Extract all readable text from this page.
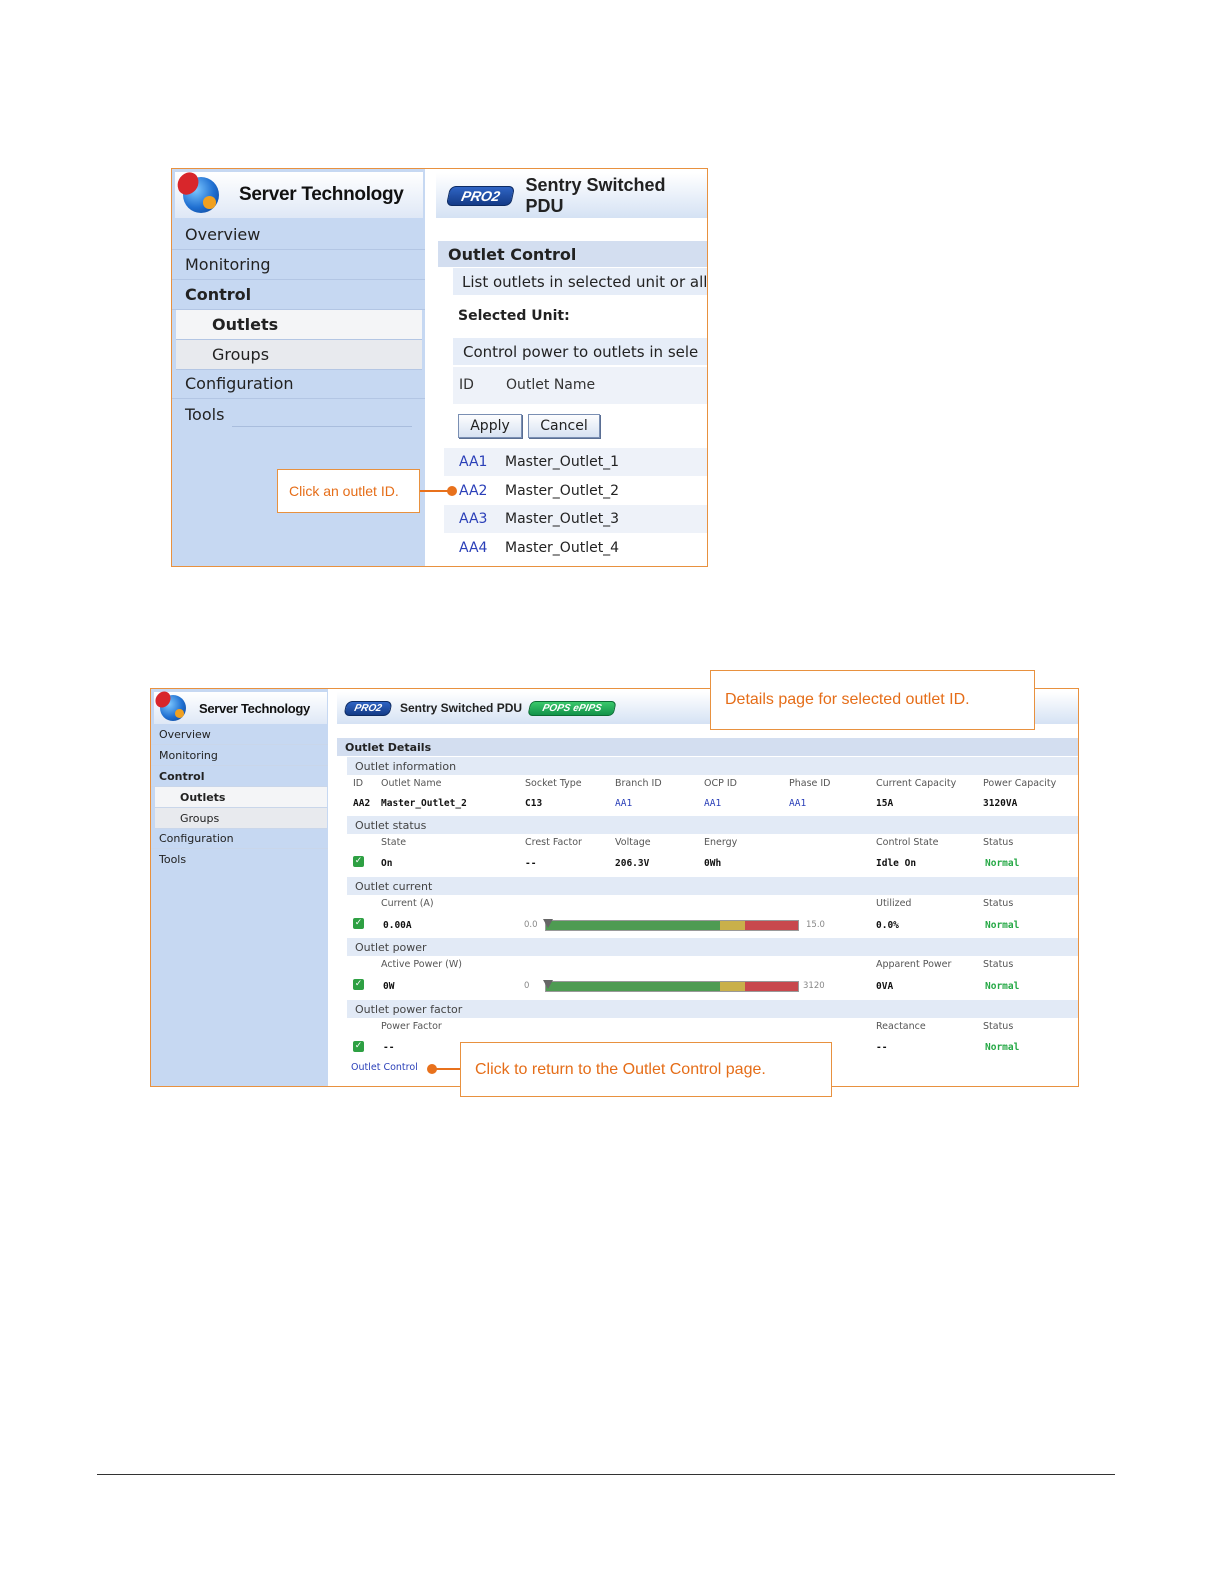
Server Technology
Overview
Monitoring
Control
Outlets
Groups
Configuration
Tools
PRO2
Sentry Switched PDU
Outlet Control
List outlets in selected unit or all
Selected Unit:
Control power to outlets in sele
ID Outlet Name
Apply	Cancel
AA1 Master_Outlet_1
AA2 Master_Outlet_2
AA3 Master_Outlet_3
AA4 Master_Outlet_4
Click an outlet ID.
Server Technology
Overview
Monitoring
Control
Outlets
Groups
Configuration
Tools
PRO2	Sentry Switched PDU	POPS ePIPS
Outlet Details
Outlet information
ID Outlet Name	Socket Type	Branch ID	OCP ID	Phase ID	Current Capacity	Power Capacity
AA2 Master_Outlet_2	C13	AA1	AA1	AA1	15A	3120VA
Outlet status
State	Crest Factor	Voltage	Energy	Control State	Status
✓ On	--	206.3V	0Wh	Idle On	Normal
Outlet current
Current (A)	Utilized	Status
✓ 0.00A	0.0	15.0	0.0%	Normal
Outlet power
Active Power (W)	Apparent Power	Status
✓ 0W	0	3120	0VA	Normal
Outlet power factor
Power Factor	Reactance	Status
✓ --	--	Normal
Outlet Control
Details page for selected outlet ID.
Click to return to the Outlet Control page.
